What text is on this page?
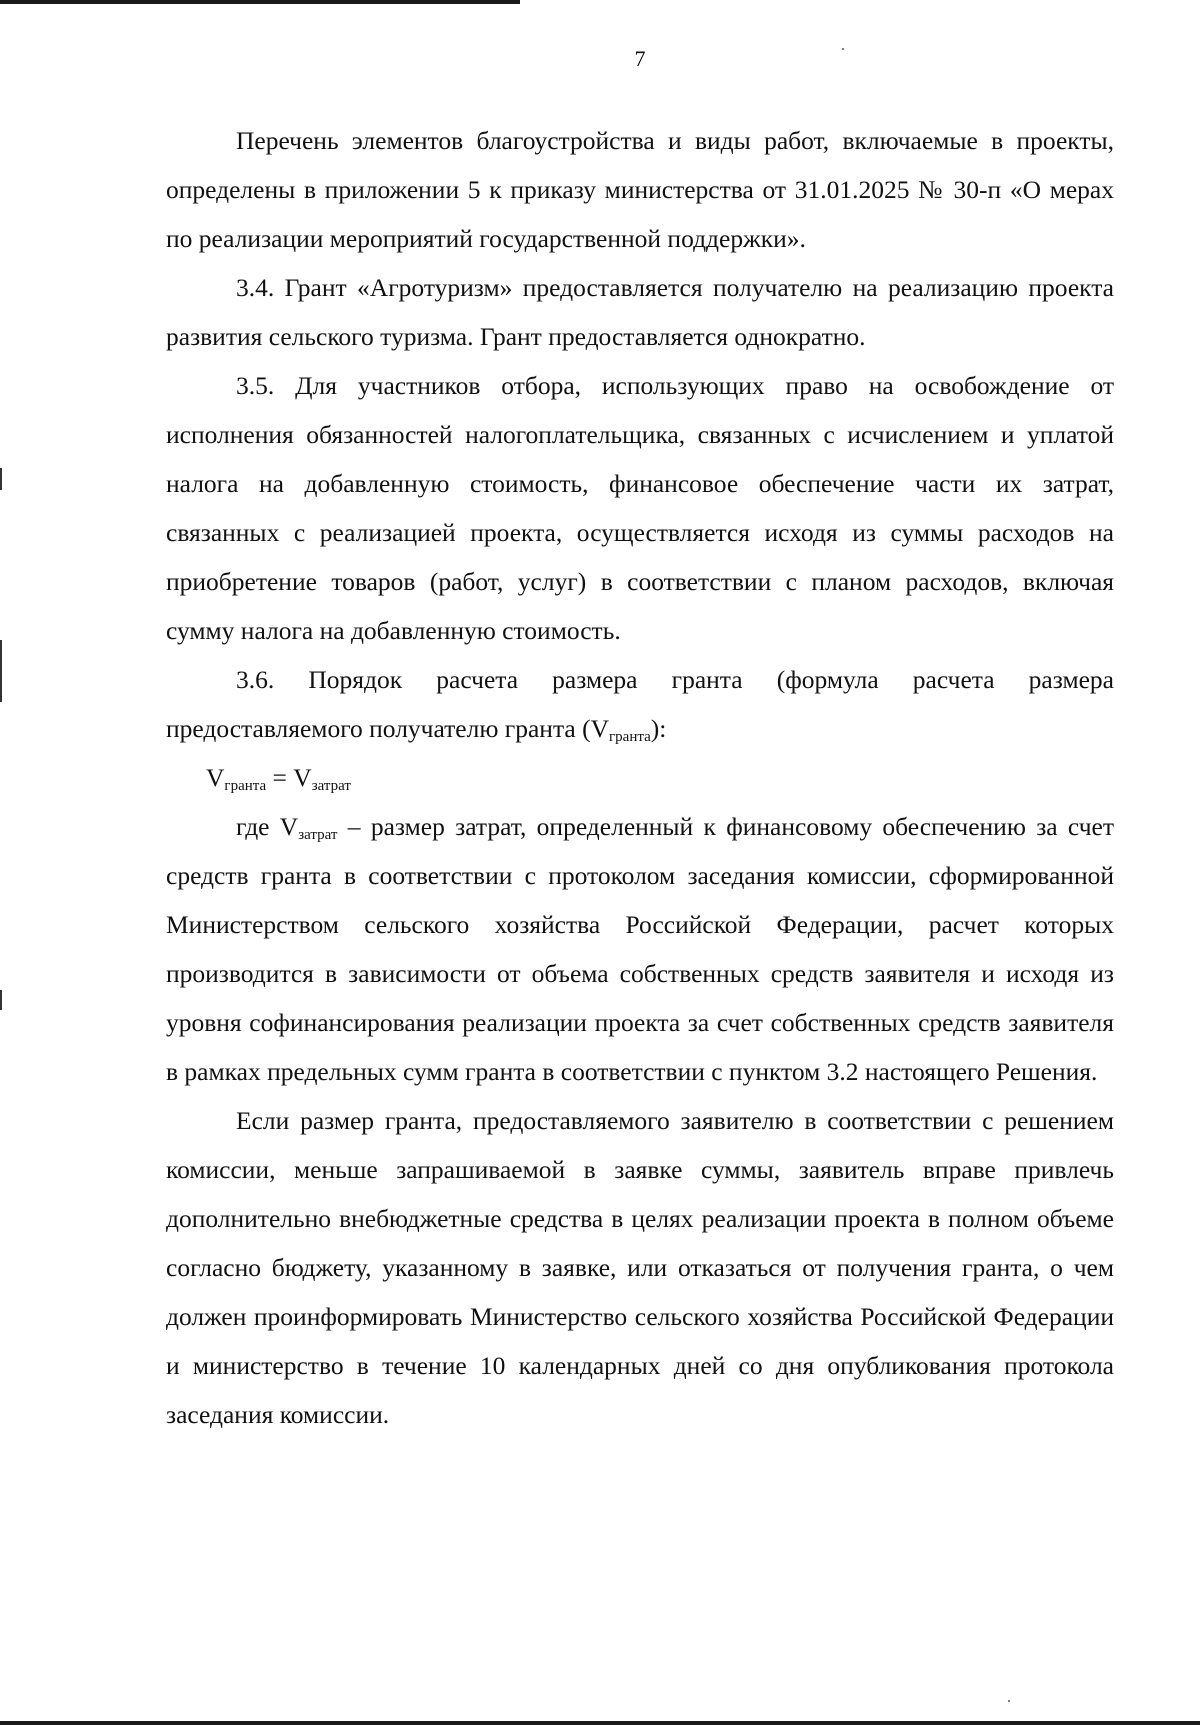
7

Перечень элементов благоустройства и виды работ, включаемые в проекты, определены в приложении 5 к приказу министерства от 31.01.2025 № 30-п «О мерах по реализации мероприятий государственной поддержки».

3.4. Грант «Агротуризм» предоставляется получателю на реализацию проекта развития сельского туризма. Грант предоставляется однократно.

3.5. Для участников отбора, использующих право на освобождение от исполнения обязанностей налогоплательщика, связанных с исчислением и уплатой налога на добавленную стоимость, финансовое обеспечение части их затрат, связанных с реализацией проекта, осуществляется исходя из суммы расходов на приобретение товаров (работ, услуг) в соответствии с планом расходов, включая сумму налога на добавленную стоимость.

3.6. Порядок расчета размера гранта (формула расчета размера предоставляемого получателю гранта $(V_{гранта})$:

$V_{гранта} = V_{затрат}$

где $V_{затрат}$ – размер затрат, определенный к финансовому обеспечению за счет средств гранта в соответствии с протоколом заседания комиссии, сформированной Министерством сельского хозяйства Российской Федерации, расчет которых производится в зависимости от объема собственных средств заявителя и исходя из уровня софинансирования реализации проекта за счет собственных средств заявителя в рамках предельных сумм гранта в соответствии с пунктом 3.2 настоящего Решения.

Если размер гранта, предоставляемого заявителю в соответствии с решением комиссии, меньше запрашиваемой в заявке суммы, заявитель вправе привлечь дополнительно внебюджетные средства в целях реализации проекта в полном объеме согласно бюджету, указанному в заявке, или отказаться от получения гранта, о чем должен проинформировать Министерство сельского хозяйства Российской Федерации и министерство в течение 10 календарных дней со дня опубликования протокола заседания комиссии.
